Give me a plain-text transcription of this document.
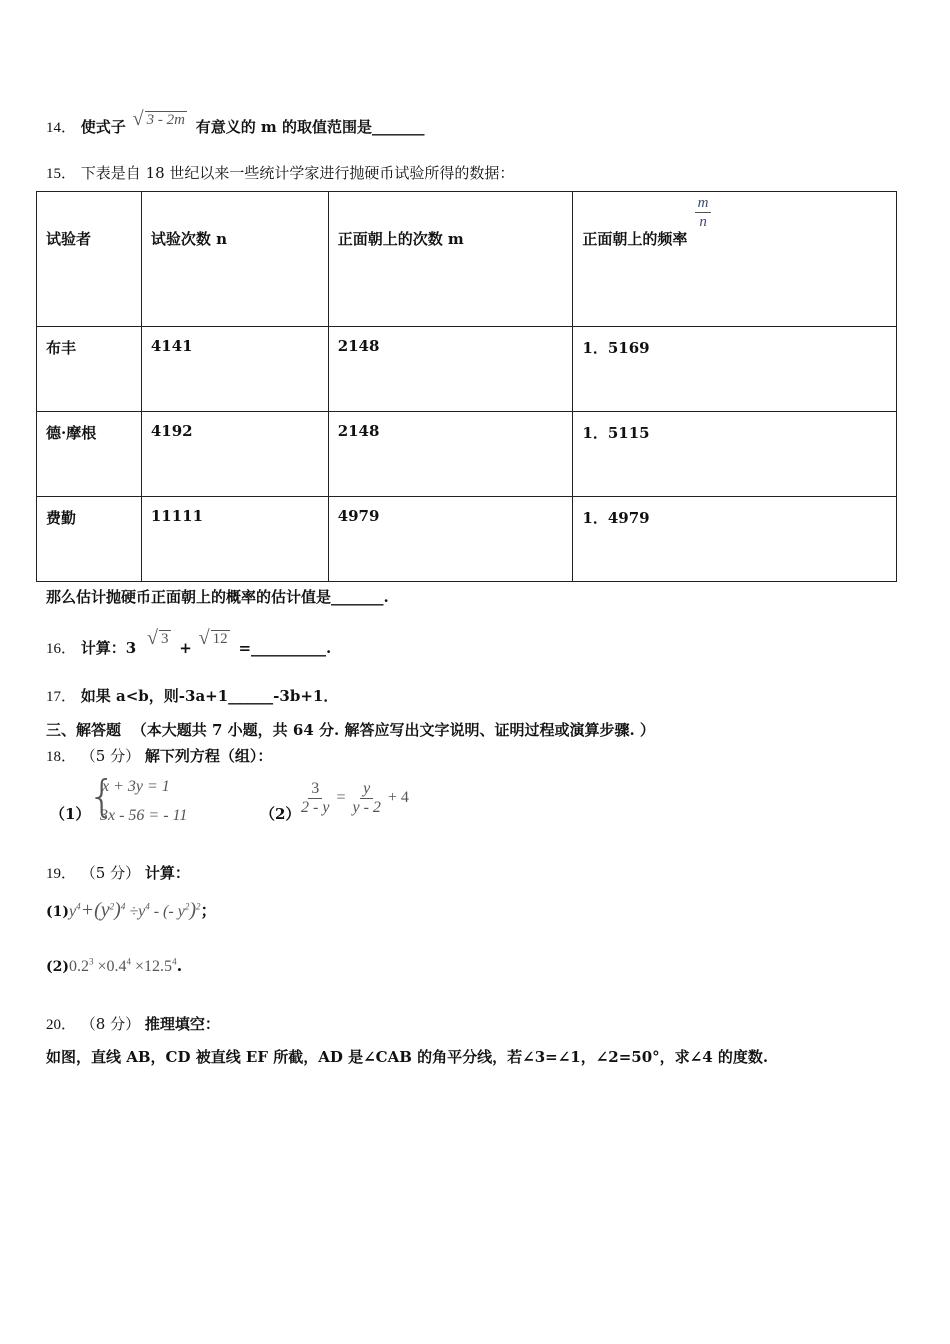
14． 使式子 √ 3 - 2m 有意义的 m 的取值范围是_______
15． 下表是自 18 世纪以来一些统计学家进行抛硬币试验所得的数据：
试验者	试验次数 n	正面朝上的次数 m	正面朝上的频率
$\frac{m}{n}$

布丰	4141	2148	1．5169
德·摩根	4192	2148	1．5115
费勤	11111	4979	1．4979
那么估计抛硬币正面朝上的概率的估计值是_______.
16． 计算：3 √ 3 + √ 12 =__________.
17． 如果 a<b，则-3a+1______-3b+1．
三、解答题 （本大题共 7 小题，共 64 分. 解答应写出文字说明、证明过程或演算步骤. ）
18． （5 分） 解下列方程（组）：
（1）
{
x + 3y = 1
3x - 56 = - 11	（2）
$\frac{3}{2 - y} = \frac{y}{y - 2} + 4$
19． （5 分） 计算：
$(1)y^4+(y^2)^4 \div y^4$ - (- $y^2)^2$；
$(2)0.2^3 \times 0.4^4 \times 12.5^4$.
20． （8 分） 推理填空：
如图，直线 AB，CD 被直线 EF 所截，AD 是∠CAB 的角平分线，若∠3=∠1，∠2=50°，求∠4 的度数.
